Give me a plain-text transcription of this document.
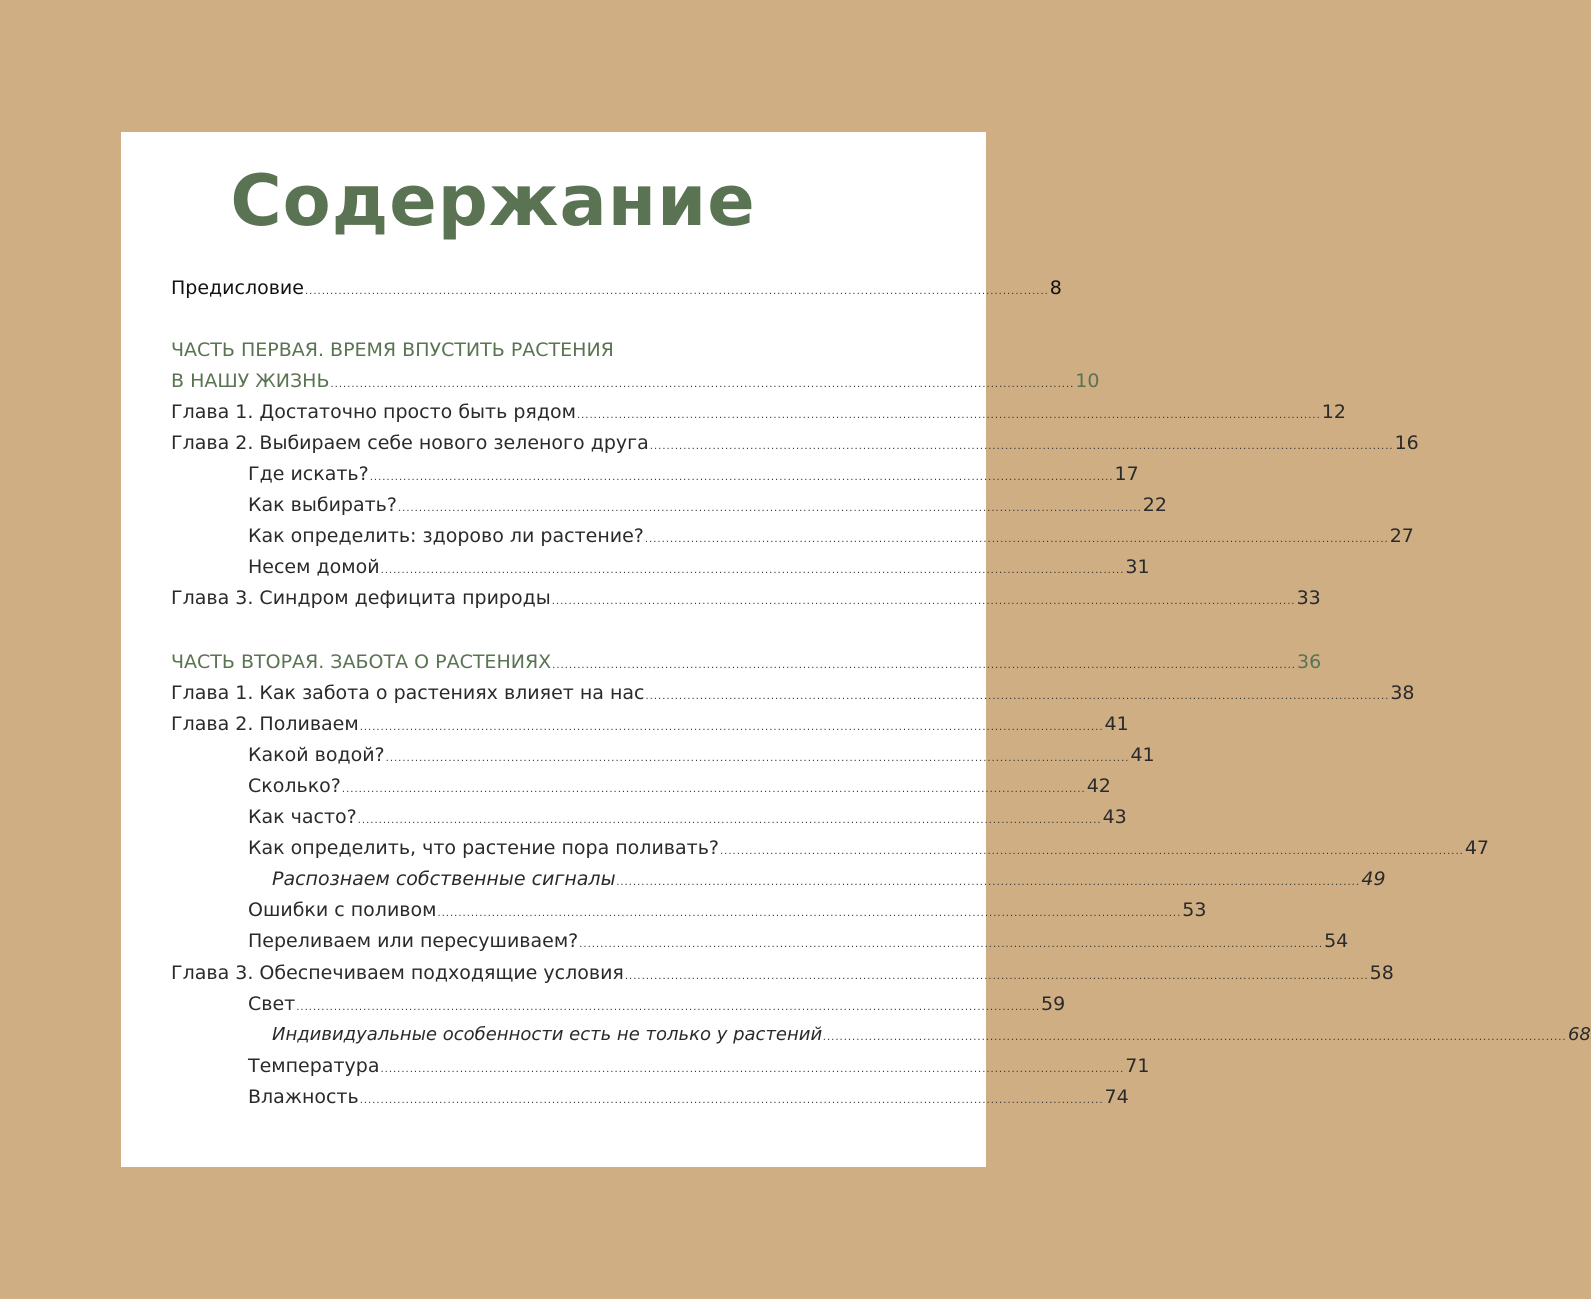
Содержание
Предисловие .................................................................................................................................................................................. 8
ЧАСТЬ ПЕРВАЯ. ВРЕМЯ ВПУСТИТЬ РАСТЕНИЯ
В НАШУ ЖИЗНЬ .................................................................................................................................................................................. 10
Глава 1. Достаточно просто быть рядом .................................................................................................................................................................................. 12
Глава 2. Выбираем себе нового зеленого друга .................................................................................................................................................................................. 16
Где искать? .................................................................................................................................................................................. 17
Как выбирать? .................................................................................................................................................................................. 22
Как определить: здорово ли растение? .................................................................................................................................................................................. 27
Несем домой .................................................................................................................................................................................. 31
Глава 3. Синдром дефицита природы .................................................................................................................................................................................. 33
ЧАСТЬ ВТОРАЯ. ЗАБОТА О РАСТЕНИЯХ .................................................................................................................................................................................. 36
Глава 1. Как забота о растениях влияет на нас .................................................................................................................................................................................. 38
Глава 2. Поливаем .................................................................................................................................................................................. 41
Какой водой? .................................................................................................................................................................................. 41
Сколько? .................................................................................................................................................................................. 42
Как часто? .................................................................................................................................................................................. 43
Как определить, что растение пора поливать? .................................................................................................................................................................................. 47
Распознаем собственные сигналы .................................................................................................................................................................................. 49
Ошибки с поливом .................................................................................................................................................................................. 53
Переливаем или пересушиваем? .................................................................................................................................................................................. 54
Глава 3. Обеспечиваем подходящие условия .................................................................................................................................................................................. 58
Свет .................................................................................................................................................................................. 59
Индивидуальные особенности есть не только у растений .................................................................................................................................................................................. 68
Температура .................................................................................................................................................................................. 71
Влажность .................................................................................................................................................................................. 74
